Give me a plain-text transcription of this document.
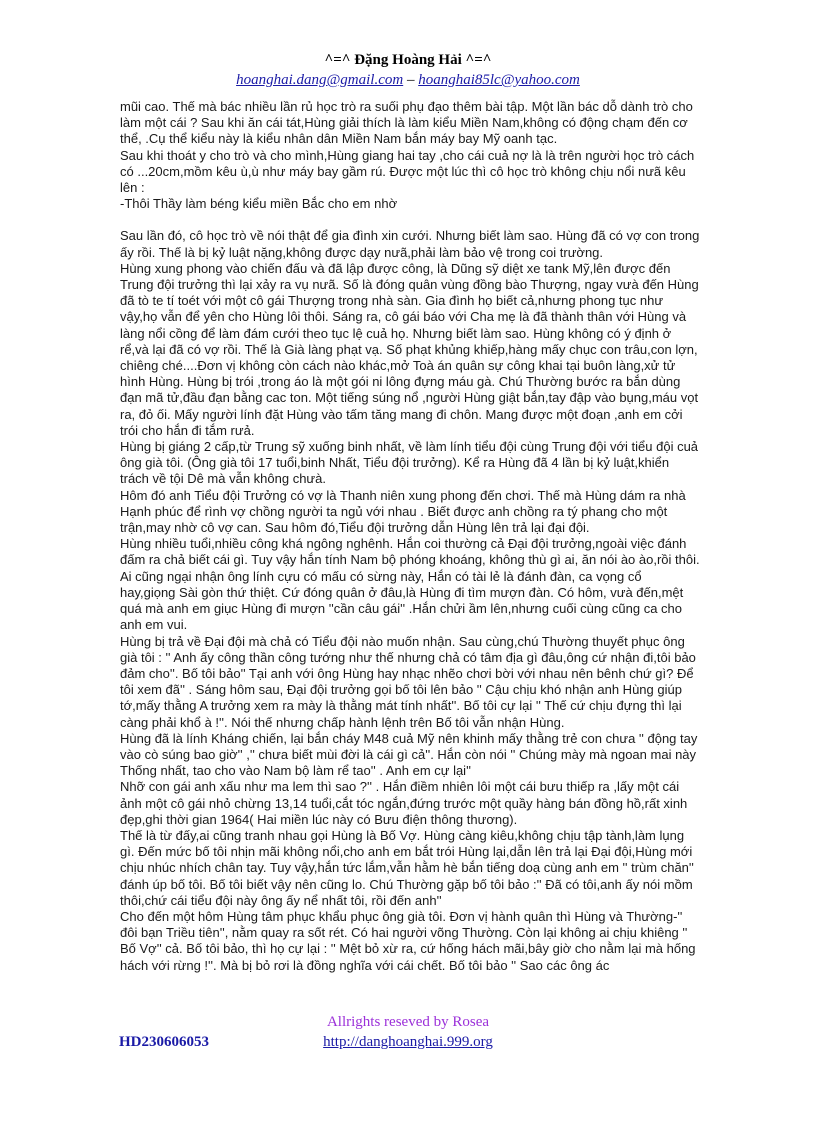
^=^ Đặng Hoàng Hải ^=^
hoanghai.dang@gmail.com – hoanghai85lc@yahoo.com

mũi cao. Thế mà bác nhiều lần rủ học trò ra suối phụ đạo thêm bài tập. Một lần bác dỗ dành trò cho làm một cái ? Sau khi ăn cái tát,Hùng giải thích là làm kiểu Miền Nam,không có động chạm đến cơ thể, .Cụ thể kiểu này là kiểu nhân dân Miền Nam bắn máy bay Mỹ oanh tạc.

Sau khi thoát y cho trò và cho mình,Hùng giang hai tay ,cho cái cuả nợ là là trên người học trò cách có ...20cm,mồm kêu ù,ù như máy bay gầm rú. Được một lúc thì cô học trò không chịu nổi nưã kêu lên :

-Thôi Thầy làm béng kiểu miền Bắc cho em nhờ

Sau lần đó, cô học trò về nói thật để gia đình xin cưới. Nhưng biết làm sao. Hùng đã có vợ con trong ấy rồi. Thế là bị kỷ luật nặng,không được dạy nưã,phải làm bảo vệ trong coi trường.

Hùng xung phong vào chiến đấu và đã lập được công, là Dũng sỹ diệt xe tank Mỹ,lên được đến Trung đội trưởng thì lại xảy ra vụ nưã. Số là đóng quân vùng đồng bào Thượng, ngay vưà đến Hùng đã tò te tí toét với một cô gái Thượng trong nhà sàn. Gia đình họ biết cả,nhưng phong tục như vậy,họ vẫn để yên cho Hùng lôi thôi. Sáng ra, cô gái báo với Cha mẹ là đã thành thân với Hùng và làng nổi cồng để làm đám cưới theo tục lệ cuả họ. Nhưng biết làm sao. Hùng không có ý định ở rể,và lại đã có vợ rồi. Thế là Già làng phạt vạ. Số phạt khủng khiếp,hàng mấy chục con trâu,con lợn, chiêng ché....Đơn vị không còn cách nào khác,mở Toà án quân sự công khai tại buôn làng,xử tử hình Hùng. Hùng bị trói ,trong áo là một gói ni lông đựng máu gà. Chú Thường bước ra bắn dùng đạn mã tử,đầu đạn bằng cac ton. Một tiếng súng nổ ,người Hùng giật bắn,tay đập vào bụng,máu vọt ra, đỏ ối. Mấy người lính đặt Hùng vào tấm tăng mang đi chôn. Mang được một đoạn ,anh em cởi trói cho hắn đi tắm rưả.

Hùng bị giáng 2 cấp,từ Trung sỹ xuống binh nhất, về làm lính tiểu đội cùng Trung đội với tiểu đội cuả ông già tôi. (Ông già tôi 17 tuổi,binh Nhất, Tiểu đội trưởng). Kể ra Hùng đã 4 lần bị kỷ luật,khiển trách về tội Dê mà vẫn không chưà.

Hôm đó anh Tiểu đội Trưởng có vợ là Thanh niên xung phong đến chơi. Thế mà Hùng dám ra nhà Hạnh phúc để rình vợ chồng người ta ngủ với nhau . Biết được anh chồng ra tý phang cho một trận,may nhờ cô vợ can. Sau hôm đó,Tiểu đội trưởng dẫn Hùng lên trả lại đại đội.

Hùng nhiều tuổi,nhiều công khá ngông nghênh. Hắn coi thường cả Đại đội trưởng,ngoài việc đánh đấm ra chả biết cái gì. Tuy vậy hắn tính Nam bộ phóng khoáng, không thù gì ai, ăn nói ào ào,rồi thôi. Ai cũng ngại nhận ông lính cựu có mấu có sừng này, Hắn có tài lẻ là đánh đàn, ca vọng cổ hay,giọng Sài gòn thứ thiệt. Cứ đóng quân ở đâu,là Hùng đi tìm mượn đàn. Có hôm, vưà đến,mệt quá mà anh em giục Hùng đi mượn ''cần câu gái'' .Hắn chửi ầm lên,nhưng cuối cùng cũng ca cho anh em vui.

Hùng bị trả về Đại đội mà chả có Tiểu đội nào muốn nhận. Sau cùng,chú Thường thuyết phục ông già tôi : '' Anh ấy công thần công tướng như thế nhưng chả có tâm địa gì đâu,ông cứ nhận đi,tôi bảo đảm cho''. Bố tôi bảo'' Tại anh với ông Hùng hay nhạc nhẽo chơi bời với nhau nên bênh chứ gì? Để tôi xem đã'' . Sáng hôm sau, Đại đội trưởng gọi bố tôi lên bảo '' Cậu chịu khó nhận anh Hùng giúp tớ,mấy thằng A trưởng xem ra mày là thằng mát tính nhất''. Bố tôi cự lại '' Thế cứ chịu đựng thì lại càng phải khổ à !''. Nói thế nhưng chấp hành lệnh trên Bố tôi vẫn nhận Hùng.

Hùng đã là lính Kháng chiến, lại bắn cháy M48 cuả Mỹ nên khinh mấy thằng trẻ con chưa '' động tay vào cò súng bao giờ'' ,'' chưa biết mùi đời là cái gì cả''. Hắn còn nói '' Chúng mày mà ngoan mai này Thống nhất, tao cho vào Nam bộ làm rể tao'' . Anh em cự lại''

Nhỡ con gái anh xấu như ma lem thì sao ?'' . Hắn điềm nhiên lôi một cái bưu thiếp ra ,lấy một cái ảnh một cô gái nhỏ chừng 13,14 tuổi,cắt tóc ngắn,đứng trước một quầy hàng bán đồng hồ,rất xinh đẹp,ghi thời gian 1964( Hai miền lúc này có Bưu điện thông thương).

Thế là từ đấy,ai cũng tranh nhau gọi Hùng là Bố Vợ. Hùng càng kiêu,không chịu tập tành,làm lụng gì. Đến mức bố tôi nhịn mãi không nổi,cho anh em bắt trói Hùng lại,dẫn lên trả lại Đại đội,Hùng mới chịu nhúc nhích chân tay. Tuy vậy,hắn tức lắm,vẫn hằm hè bắn tiếng doạ cùng anh em '' trùm chăn'' đánh úp bố tôi. Bố tôi biết vậy nên cũng lo. Chú Thường gặp bố tôi bảo :'' Đã có tôi,anh ấy nói mồm thôi,chứ cái tiểu đội này ông ấy nể nhất tôi, rồi đến anh''

Cho đến một hôm Hùng tâm phục khẩu phục ông già tôi. Đơn vị hành quân thì Hùng và Thường-'' đôi bạn Triều tiên'', nằm quay ra sốt rét. Có hai người võng Thường. Còn lại không ai chịu khiêng '' Bố Vợ'' cả. Bố tôi bảo, thì họ cự lại : '' Mệt bỏ xừ ra, cứ hống hách mãi,bây giờ cho nằm lại mà hống hách với rừng !''. Mà bị bỏ rơi là đồng nghĩa với cái chết. Bố tôi bảo '' Sao các ông ác

Allrights reseved by Rosea
HD230606053	http://danghoanghai.999.org
